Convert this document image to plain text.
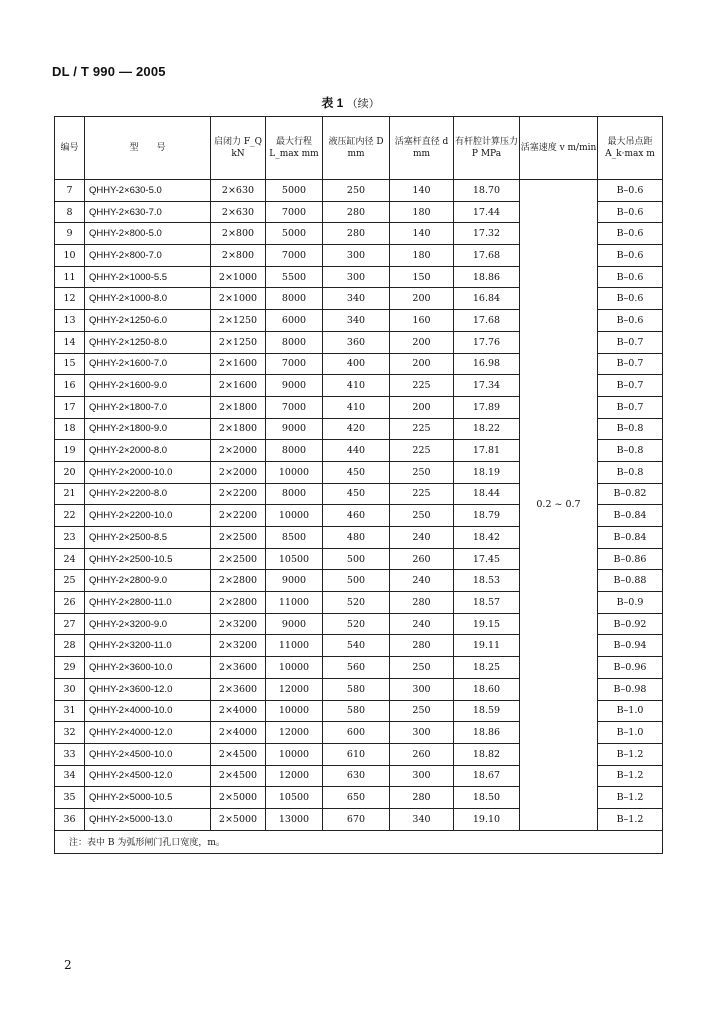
DL / T 990 — 2005
表 1 （续）
编号	型　　号	启闭力 F_Q kN	最大行程 L_max mm	液压缸内径 D mm	活塞杆直径 d mm	有杆腔计算压力 P MPa	活塞速度 v m/min	最大吊点距 A_k·max m
7	QHHY-2×630-5.0	2×630	5000	250	140	18.70	0.2 ~ 0.7	B–0.6
8	QHHY-2×630-7.0	2×630	7000	280	180	17.44		B–0.6
9	QHHY-2×800-5.0	2×800	5000	280	140	17.32		B–0.6
10	QHHY-2×800-7.0	2×800	7000	300	180	17.68		B–0.6
11	QHHY-2×1000-5.5	2×1000	5500	300	150	18.86		B–0.6
12	QHHY-2×1000-8.0	2×1000	8000	340	200	16.84		B–0.6
13	QHHY-2×1250-6.0	2×1250	6000	340	160	17.68		B–0.6
14	QHHY-2×1250-8.0	2×1250	8000	360	200	17.76		B–0.7
15	QHHY-2×1600-7.0	2×1600	7000	400	200	16.98		B–0.7
16	QHHY-2×1600-9.0	2×1600	9000	410	225	17.34		B–0.7
17	QHHY-2×1800-7.0	2×1800	7000	410	200	17.89		B–0.7
18	QHHY-2×1800-9.0	2×1800	9000	420	225	18.22		B–0.8
19	QHHY-2×2000-8.0	2×2000	8000	440	225	17.81		B–0.8
20	QHHY-2×2000-10.0	2×2000	10000	450	250	18.19		B–0.8
21	QHHY-2×2200-8.0	2×2200	8000	450	225	18.44		B–0.82
22	QHHY-2×2200-10.0	2×2200	10000	460	250	18.79		B–0.84
23	QHHY-2×2500-8.5	2×2500	8500	480	240	18.42		B–0.84
24	QHHY-2×2500-10.5	2×2500	10500	500	260	17.45		B–0.86
25	QHHY-2×2800-9.0	2×2800	9000	500	240	18.53		B–0.88
26	QHHY-2×2800-11.0	2×2800	11000	520	280	18.57		B–0.9
27	QHHY-2×3200-9.0	2×3200	9000	520	240	19.15		B–0.92
28	QHHY-2×3200-11.0	2×3200	11000	540	280	19.11		B–0.94
29	QHHY-2×3600-10.0	2×3600	10000	560	250	18.25		B–0.96
30	QHHY-2×3600-12.0	2×3600	12000	580	300	18.60		B–0.98
31	QHHY-2×4000-10.0	2×4000	10000	580	250	18.59		B–1.0
32	QHHY-2×4000-12.0	2×4000	12000	600	300	18.86		B–1.0
33	QHHY-2×4500-10.0	2×4500	10000	610	260	18.82		B–1.2
34	QHHY-2×4500-12.0	2×4500	12000	630	300	18.67		B–1.2
35	QHHY-2×5000-10.5	2×5000	10500	650	280	18.50		B–1.2
36	QHHY-2×5000-13.0	2×5000	13000	670	340	19.10		B–1.2
注：表中 B 为弧形闸门孔口宽度，m。								
2
